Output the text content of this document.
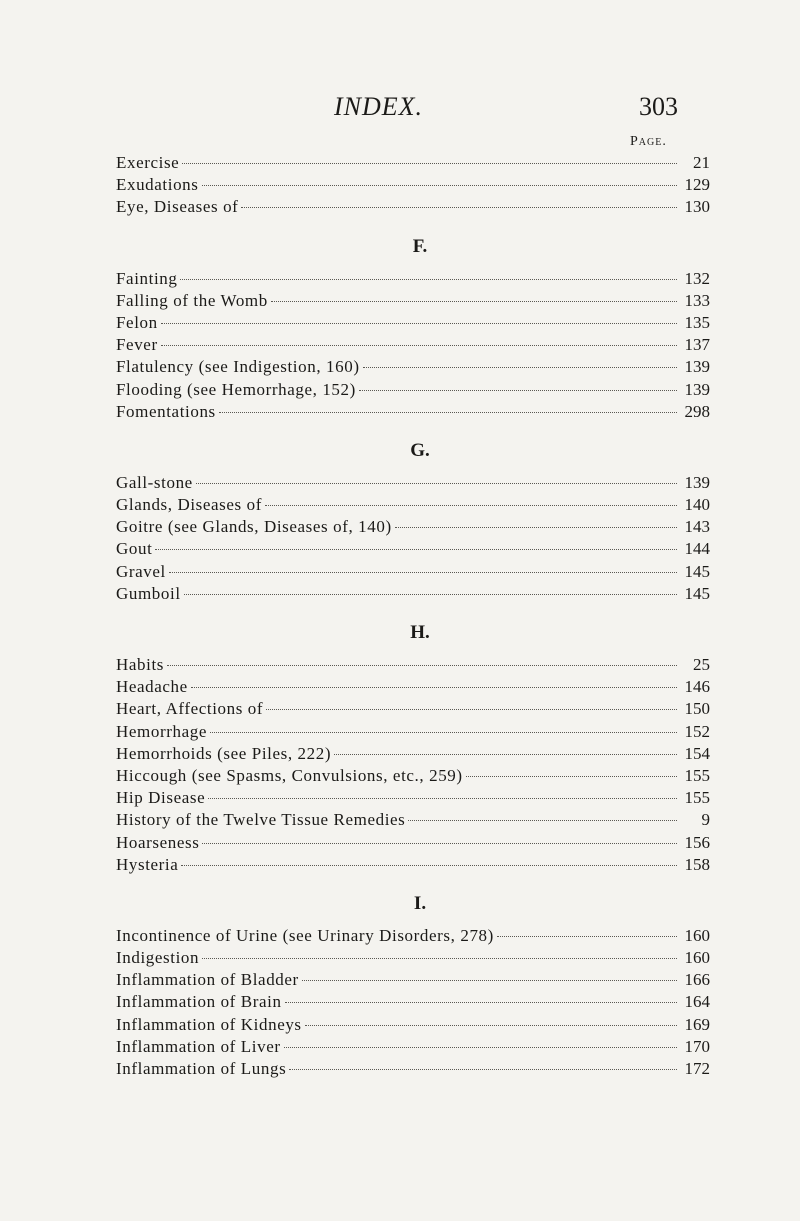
INDEX.	303
Page.
Exercise	21
Exudations	129
Eye, Diseases of	130
F.
Fainting	132
Falling of the Womb	133
Felon	135
Fever	137
Flatulency (see Indigestion, 160)	139
Flooding (see Hemorrhage, 152)	139
Fomentations	298
G.
Gall-stone	139
Glands, Diseases of	140
Goitre (see Glands, Diseases of, 140)	143
Gout	144
Gravel	145
Gumboil	145
H.
Habits	25
Headache	146
Heart, Affections of	150
Hemorrhage	152
Hemorrhoids (see Piles, 222)	154
Hiccough (see Spasms, Convulsions, etc., 259)	155
Hip Disease	155
History of the Twelve Tissue Remedies	9
Hoarseness	156
Hysteria	158
I.
Incontinence of Urine (see Urinary Disorders, 278)	160
Indigestion	160
Inflammation of Bladder	166
Inflammation of Brain	164
Inflammation of Kidneys	169
Inflammation of Liver	170
Inflammation of Lungs	172
